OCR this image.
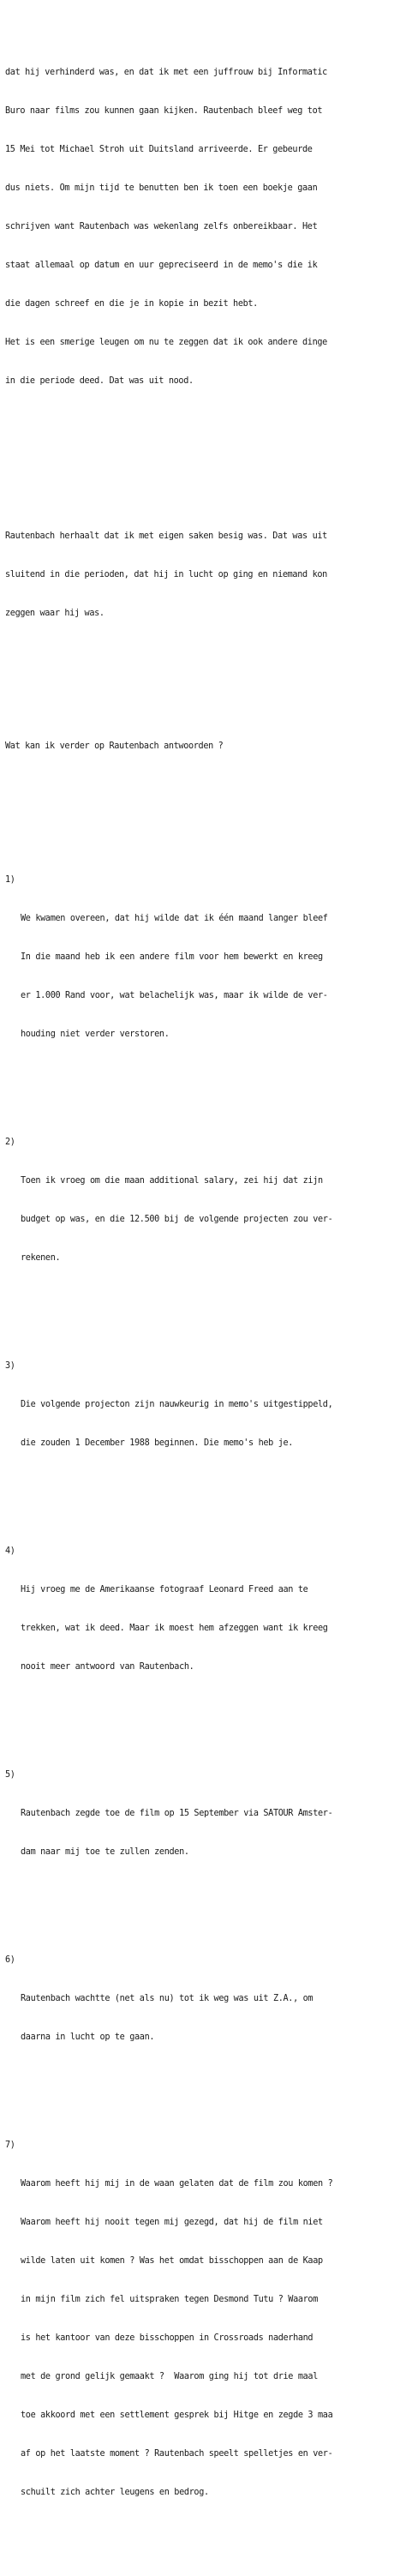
dat hij verhinderd was, en dat ik met een juffrouw bij Informatic

Buro naar films zou kunnen gaan kijken. Rautenbach bleef weg tot

15 Mei tot Michael Stroh uit Duitsland arriveerde. Er gebeurde

dus niets. Om mijn tijd te benutten ben ik toen een boekje gaan

schrijven want Rautenbach was wekenlang zelfs onbereikbaar. Het

staat allemaal op datum en uur gepreciseerd in de memo's die ik

die dagen schreef en die je in kopie in bezit hebt.

Het is een smerige leugen om nu te zeggen dat ik ook andere dinge

in die periode deed. Dat was uit nood.

Rautenbach herhaalt dat ik met eigen saken besig was. Dat was uit

sluitend in die perioden, dat hij in lucht op ging en niemand kon

zeggen waar hij was.

Wat kan ik verder op Rautenbach antwoorden ?

1)

We kwamen overeen, dat hij wilde dat ik één maand langer bleef

In die maand heb ik een andere film voor hem bewerkt en kreeg

er 1.000 Rand voor, wat belachelijk was, maar ik wilde de ver-

houding niet verder verstoren.

2)

Toen ik vroeg om die maan additional salary, zei hij dat zijn

budget op was, en die 12.500 bij de volgende projecten zou ver-

rekenen.

3)

Die volgende projecton zijn nauwkeurig in memo's uitgestippeld,

die zouden 1 December 1988 beginnen. Die memo's heb je.

4)

Hij vroeg me de Amerikaanse fotograaf Leonard Freed aan te

trekken, wat ik deed. Maar ik moest hem afzeggen want ik kreeg

nooit meer antwoord van Rautenbach.

5)

Rautenbach zegde toe de film op 15 September via SATOUR Amster-

dam naar mij toe te zullen zenden.

6)

Rautenbach wachtte (net als nu) tot ik weg was uit Z.A., om

daarna in lucht op te gaan.

7)

Waarom heeft hij mij in de waan gelaten dat de film zou komen ?

Waarom heeft hij nooit tegen mij gezegd, dat hij de film niet

wilde laten uit komen ? Was het omdat bisschoppen aan de Kaap

in mijn film zich fel uitspraken tegen Desmond Tutu ? Waarom

is het kantoor van deze bisschoppen in Crossroads naderhand

met de grond gelijk gemaakt ?  Waarom ging hij tot drie maal

toe akkoord met een settlement gesprek bij Hitge en zegde 3 maa

af op het laatste moment ? Rautenbach speelt spelletjes en ver-

schuilt zich achter leugens en bedrog.
